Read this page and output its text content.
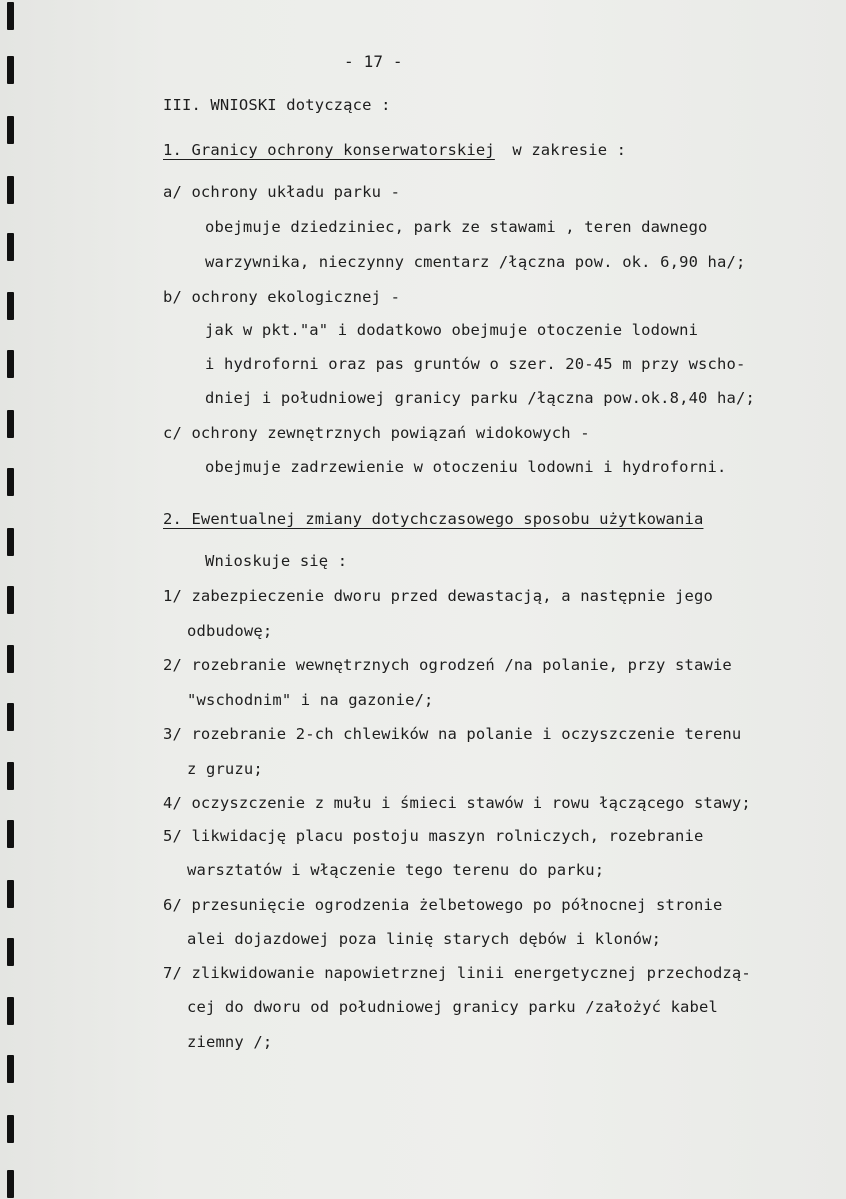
- 17 -
III. WNIOSKI dotyczące :
1. Granicy ochrony konserwatorskiej w zakresie :
a/ ochrony układu parku -
obejmuje dziedziniec, park ze stawami , teren dawnego
warzywnika, nieczynny cmentarz /łączna pow. ok. 6,90 ha/;
b/ ochrony ekologicznej -
jak w pkt."a" i dodatkowo obejmuje otoczenie lodowni
i hydroforni oraz pas gruntów o szer. 20-45 m przy wscho-
dniej i południowej granicy parku /łączna pow.ok.8,40 ha/;
c/ ochrony zewnętrznych powiązań widokowych -
obejmuje zadrzewienie w otoczeniu lodowni i hydroforni.
2. Ewentualnej zmiany dotychczasowego sposobu użytkowania
Wnioskuje się :
1/ zabezpieczenie dworu przed dewastacją, a następnie jego
odbudowę;
2/ rozebranie wewnętrznych ogrodzeń /na polanie, przy stawie
"wschodnim" i na gazonie/;
3/ rozebranie 2-ch chlewików na polanie i oczyszczenie terenu
z gruzu;
4/ oczyszczenie z mułu i śmieci stawów i rowu łączącego stawy;
5/ likwidację placu postoju maszyn rolniczych, rozebranie
warsztatów i włączenie tego terenu do parku;
6/ przesunięcie ogrodzenia żelbetowego po północnej stronie
alei dojazdowej poza linię starych dębów i klonów;
7/ zlikwidowanie napowietrznej linii energetycznej przechodzą-
cej do dworu od południowej granicy parku /założyć kabel
ziemny /;
